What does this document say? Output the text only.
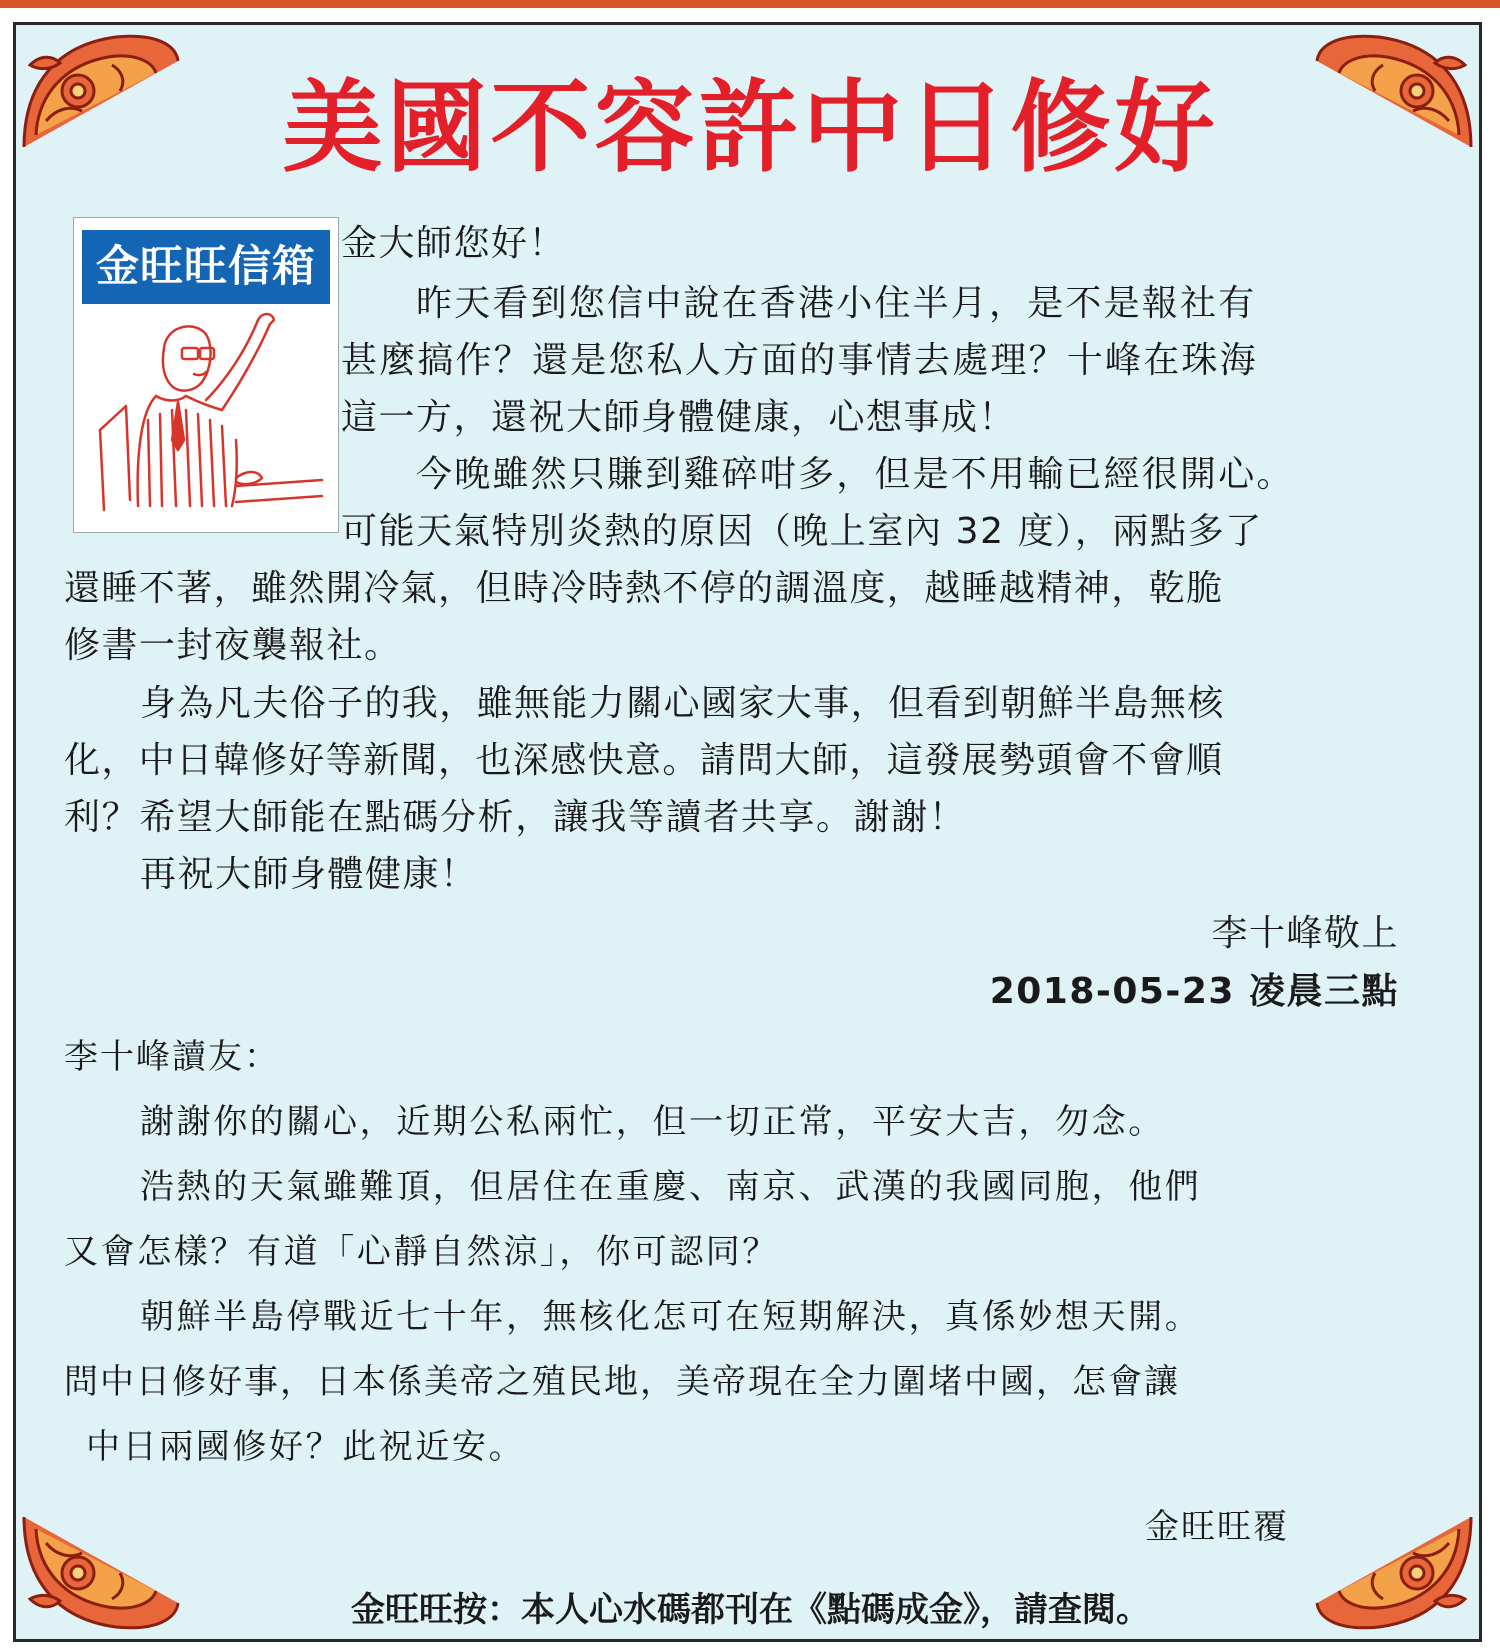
美國不容許中日修好
金旺旺信箱 金大師您好！

昨天看到您信中說在香港小住半月，是不是報社有

甚麼搞作？還是您私人方面的事情去處理？十峰在珠海

這一方，還祝大師身體健康，心想事成！

今晚雖然只賺到雞碎咁多，但是不用輸已經很開心。

可能天氣特別炎熱的原因（晚上室內 32 度），兩點多了

還睡不著，雖然開冷氣，但時冷時熱不停的調溫度，越睡越精神，乾脆

修書一封夜襲報社。

身為凡夫俗子的我，雖無能力關心國家大事，但看到朝鮮半島無核

化，中日韓修好等新聞，也深感快意。請問大師，這發展勢頭會不會順

利？希望大師能在點碼分析，讓我等讀者共享。謝謝！

再祝大師身體健康！

李十峰敬上

2018-05-23 凌晨三點

李十峰讀友：

謝謝你的關心，近期公私兩忙，但一切正常，平安大吉，勿念。

浩熱的天氣雖難頂，但居住在重慶、南京、武漢的我國同胞，他們

又會怎樣？有道「心靜自然涼」，你可認同？

朝鮮半島停戰近七十年，無核化怎可在短期解決，真係妙想天開。

問中日修好事，日本係美帝之殖民地，美帝現在全力圍堵中國，怎會讓

中日兩國修好？此祝近安。

金旺旺覆

金旺旺按：本人心水碼都刊在《點碼成金》，請查閱。
